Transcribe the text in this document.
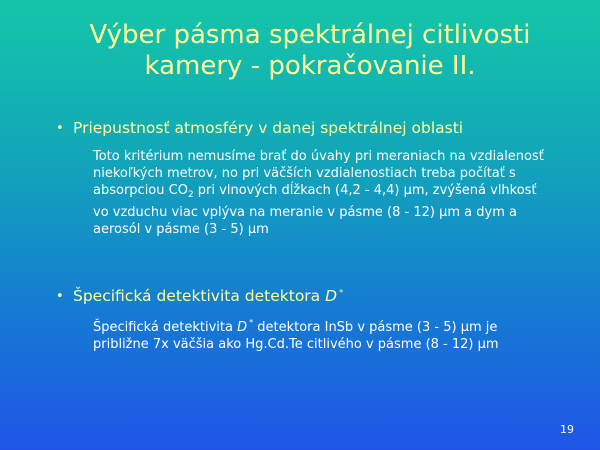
Výber pásma spektrálnej citlivosti
kamery - pokračovanie II.
• Priepustnosť atmosféry v danej spektrálnej oblasti
Toto kritérium nemusíme brať do úvahy pri meraniach na vzdialenosť niekoľkých metrov, no pri väčších vzdialenostiach treba počítať s absorpciou $CO_2$ pri vlnových dĺžkach (4,2 - 4,4) μm, zvýšená vlhkosť vo vzduchu viac vplýva na meranie v pásme (8 - 12) μm a dym a aerosól v pásme (3 - 5) μm
• Špecifická detektivita detektora D *
Špecifická detektivita D * detektora InSb v pásme (3 - 5) μm je približne 7x väčšia ako Hg.Cd.Te citlivého v pásme (8 - 12) μm
19
